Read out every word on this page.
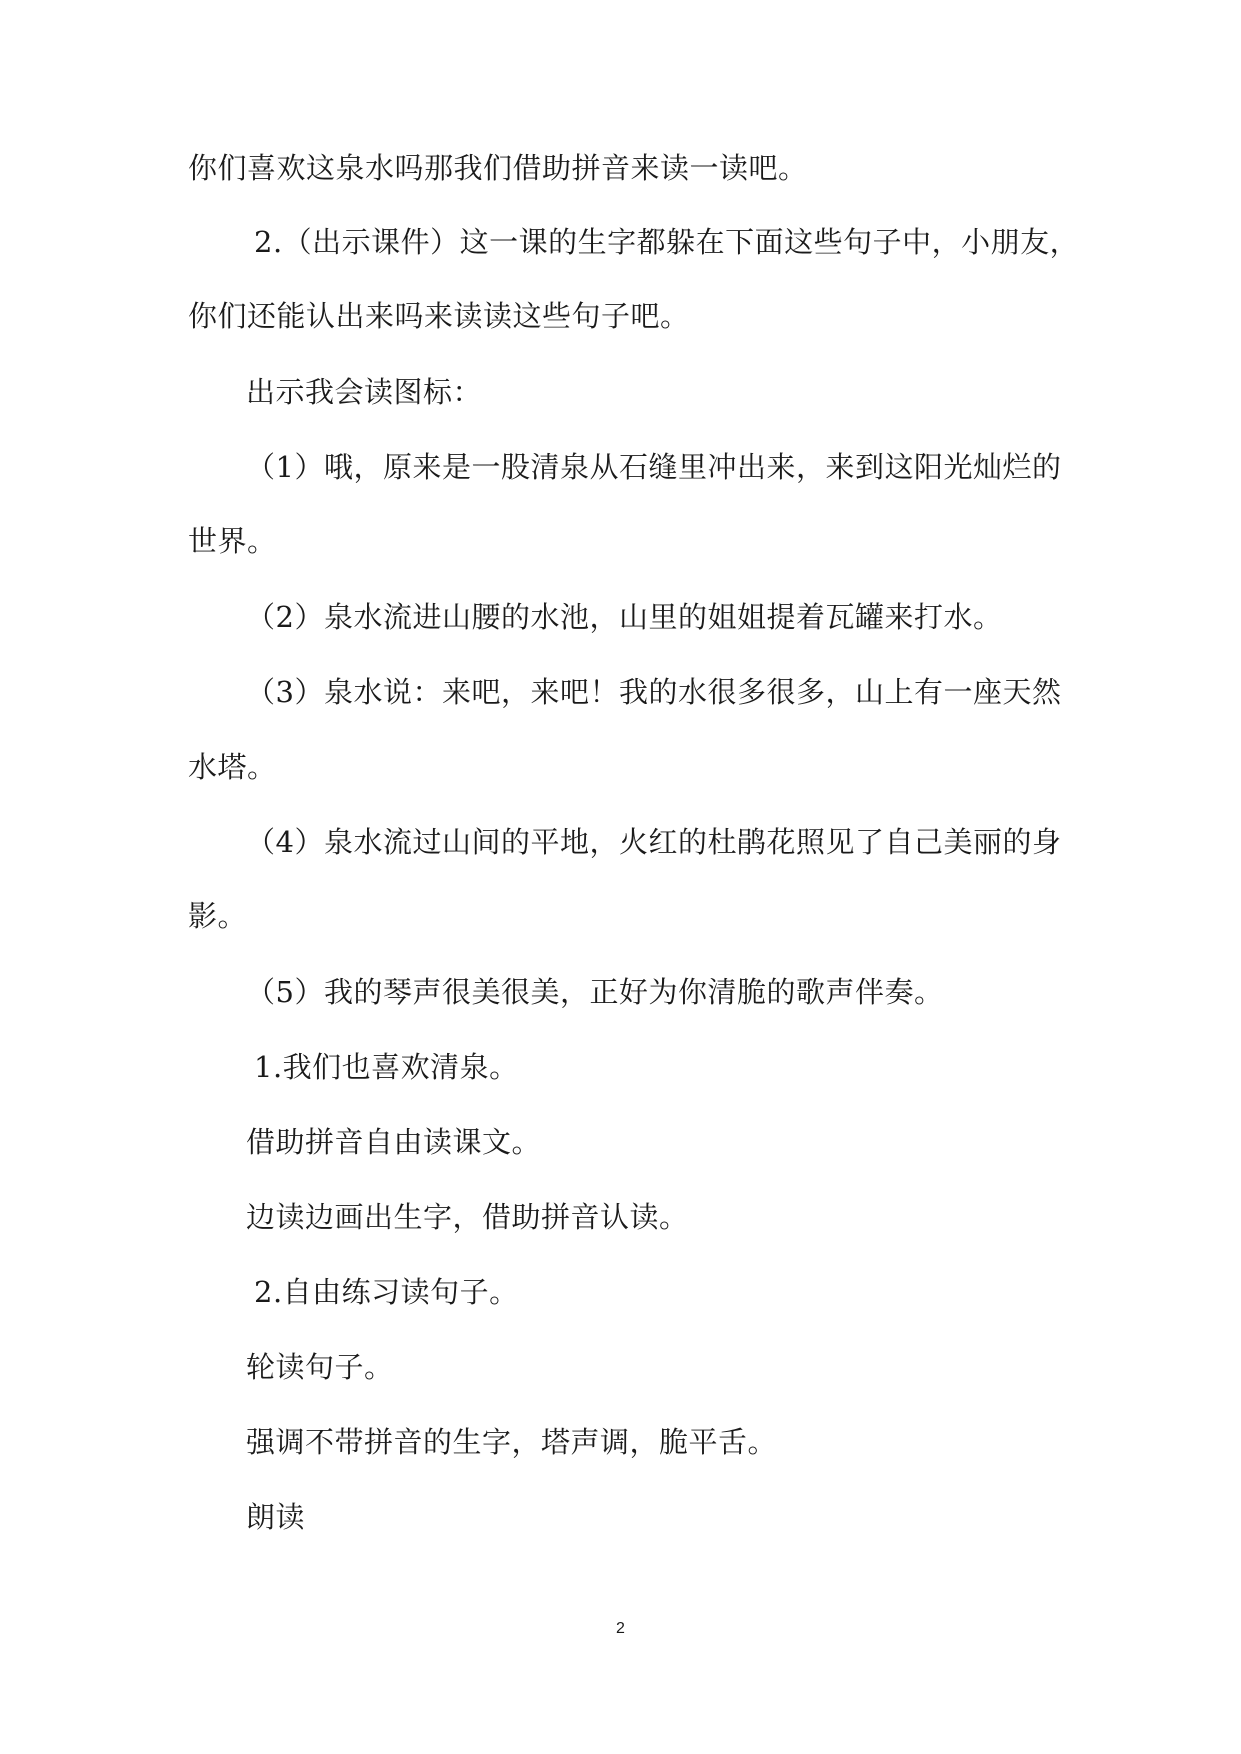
你们喜欢这泉水吗那我们借助拼音来读一读吧。
2.（出示课件）这一课的生字都躲在下面这些句子中，小朋友，
你们还能认出来吗来读读这些句子吧。
出示我会读图标：
（1）哦，原来是一股清泉从石缝里冲出来，来到这阳光灿烂的
世界。
（2）泉水流进山腰的水池，山里的姐姐提着瓦罐来打水。
（3）泉水说：来吧，来吧！我的水很多很多，山上有一座天然
水塔。
（4）泉水流过山间的平地，火红的杜鹃花照见了自己美丽的身
影。
（5）我的琴声很美很美，正好为你清脆的歌声伴奏。
1.我们也喜欢清泉。
借助拼音自由读课文。
边读边画出生字，借助拼音认读。
2.自由练习读句子。
轮读句子。
强调不带拼音的生字，塔声调，脆平舌。
朗读
2
